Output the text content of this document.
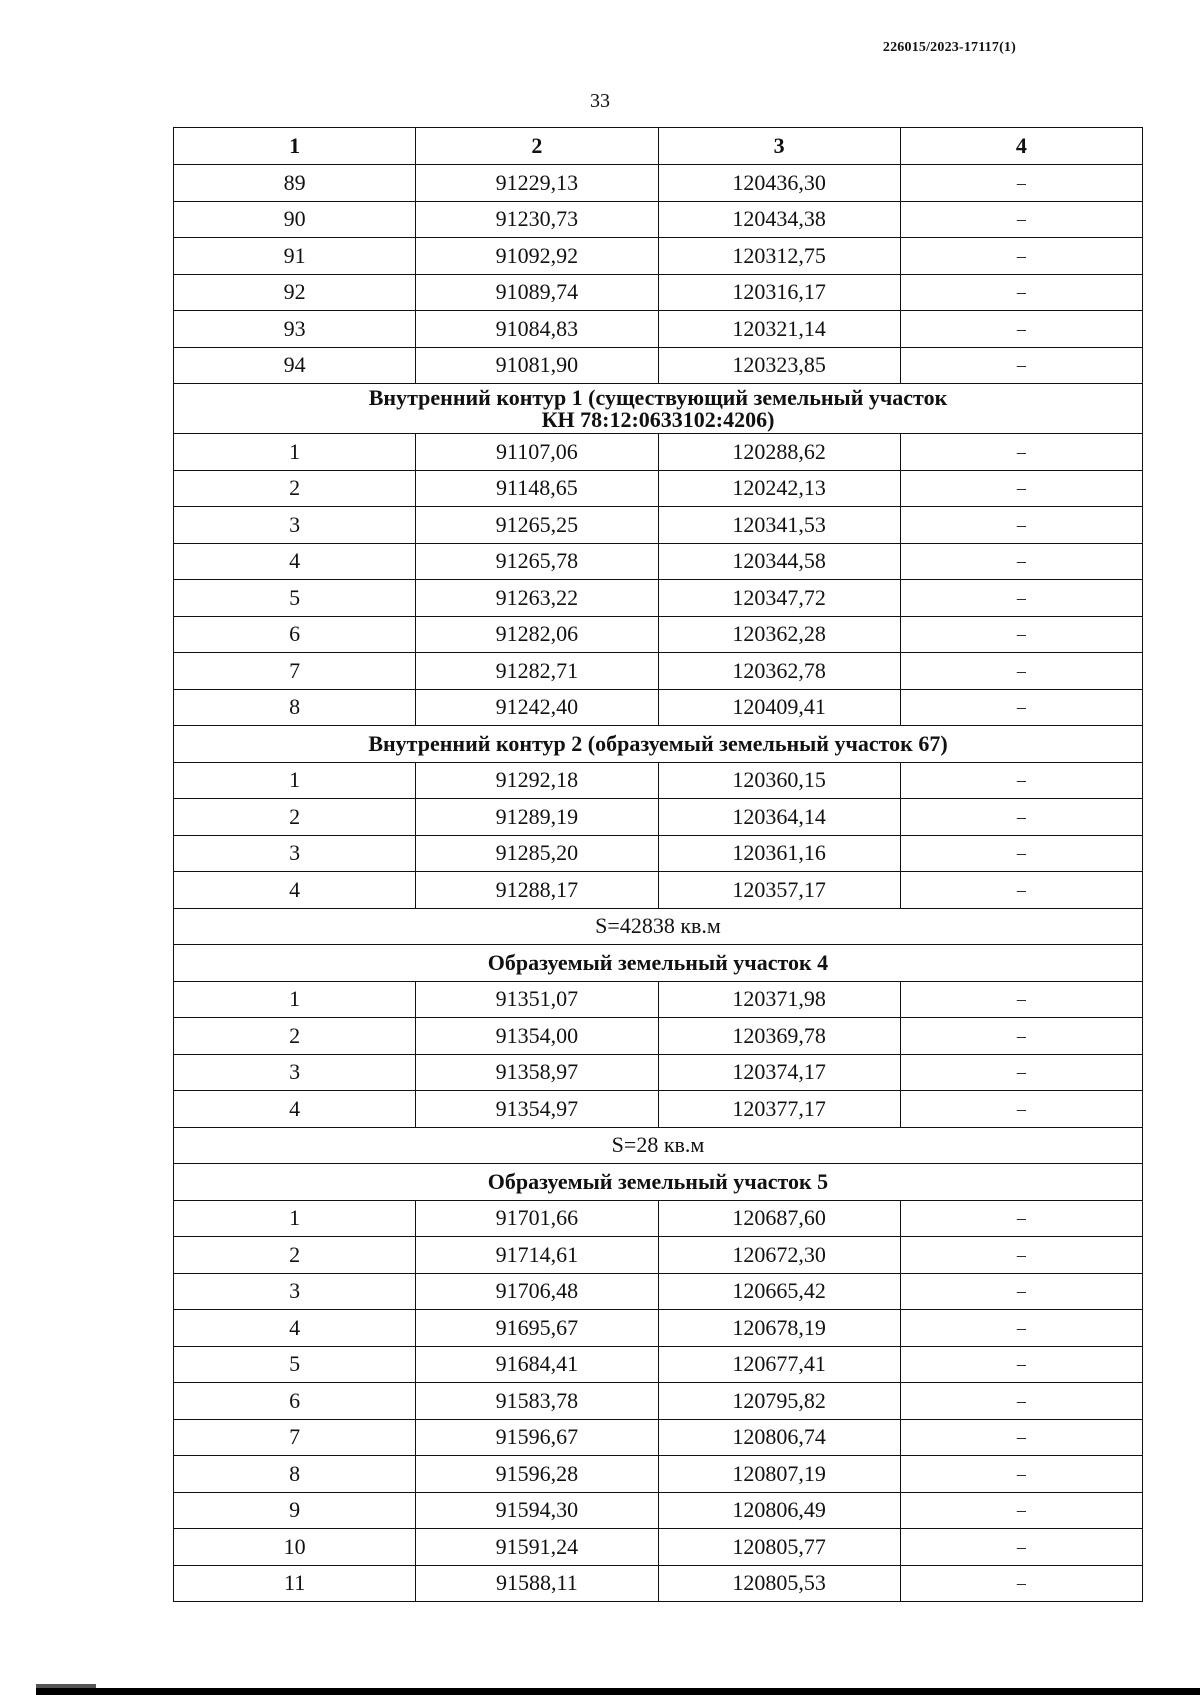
226015/2023-17117(1)
33
1	2	3	4
89	91229,13	120436,30	–
90	91230,73	120434,38	–
91	91092,92	120312,75	–
92	91089,74	120316,17	–
93	91084,83	120321,14	–
94	91081,90	120323,85	–

Внутренний контур 1 (существующий земельный участок
КН 78:12:0633102:4206)			

1	91107,06	120288,62	–
2	91148,65	120242,13	–
3	91265,25	120341,53	–
4	91265,78	120344,58	–
5	91263,22	120347,72	–
6	91282,06	120362,28	–
7	91282,71	120362,78	–
8	91242,40	120409,41	–

Внутренний контур 2 (образуемый земельный участок 67)			

1	91292,18	120360,15	–
2	91289,19	120364,14	–
3	91285,20	120361,16	–
4	91288,17	120357,17	–
S=42838 кв.м			

Образуемый земельный участок 4			

1	91351,07	120371,98	–
2	91354,00	120369,78	–
3	91358,97	120374,17	–
4	91354,97	120377,17	–
S=28 кв.м			

Образуемый земельный участок 5			

1	91701,66	120687,60	–
2	91714,61	120672,30	–
3	91706,48	120665,42	–
4	91695,67	120678,19	–
5	91684,41	120677,41	–
6	91583,78	120795,82	–
7	91596,67	120806,74	–
8	91596,28	120807,19	–
9	91594,30	120806,49	–
10	91591,24	120805,77	–
11	91588,11	120805,53	–
